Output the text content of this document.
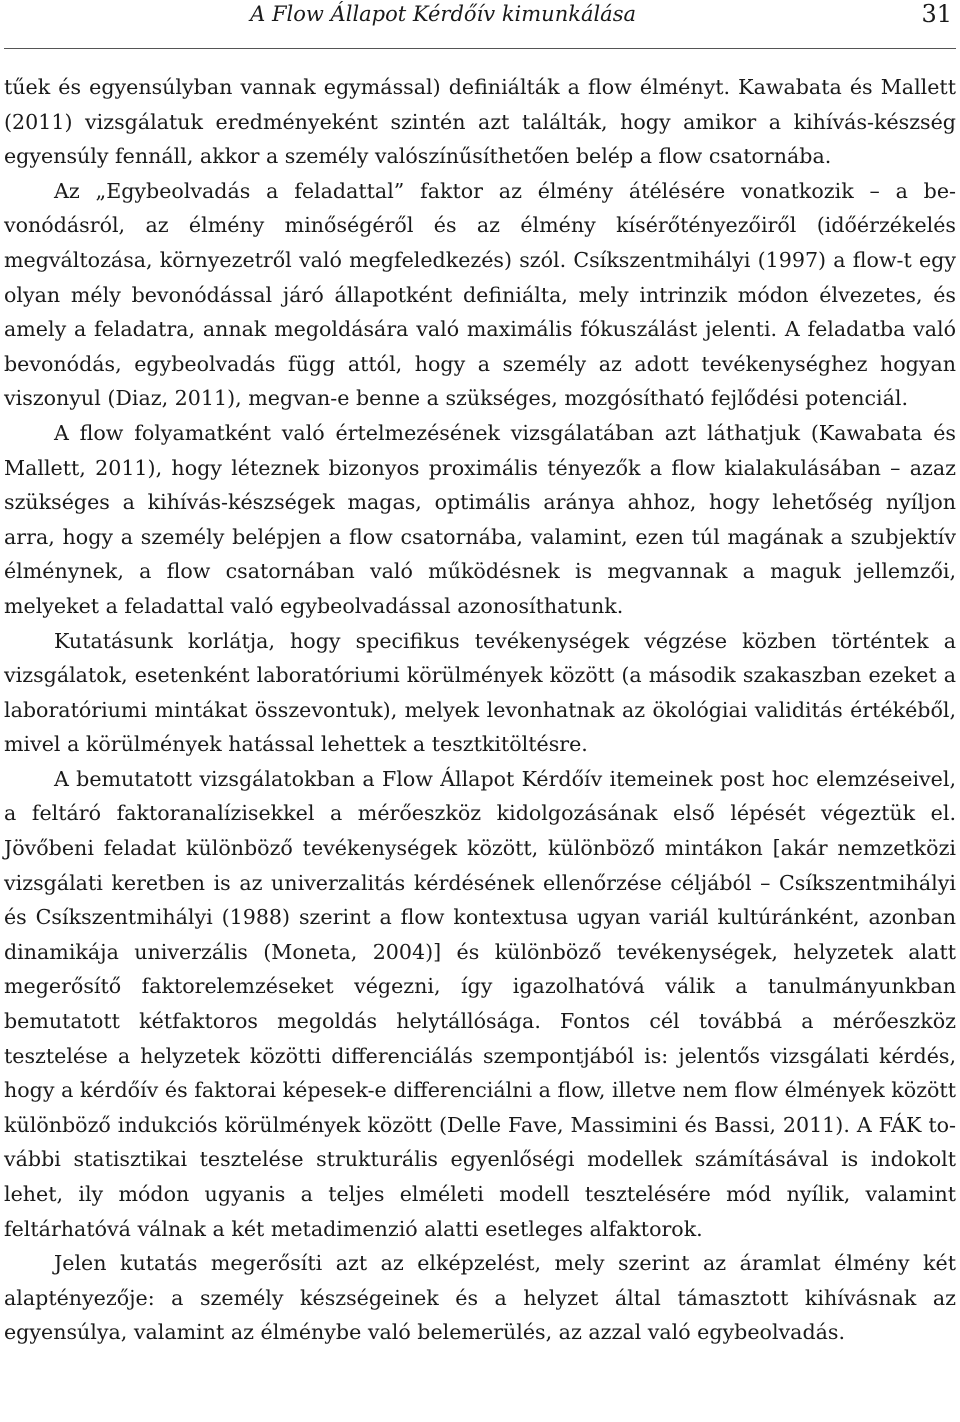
A Flow Állapot Kérdőív kimunkálása	31

tűek és egyensúlyban vannak egymással) definiálták a flow élményt. Kawabata és Mallett (2011) vizsgálatuk eredményeként szintén azt találták, hogy amikor a kihívás-készség egyensúly fennáll, akkor a személy valószínűsíthetően belép a flow csatornába.

Az „Egybeolvadás a feladattal” faktor az élmény átélésére vonatkozik – a bevonódásról, az élmény minőségéről és az élmény kísérőtényezőiről (időérzékelés megváltozása, környezetről való megfeledkezés) szól. Csíkszentmihályi (1997) a flow-t egy olyan mély bevonódással járó állapotként definiálta, mely intrinzik módon élvezetes, és amely a feladatra, annak megoldására való maximális fókuszálást jelenti. A feladatba való bevonódás, egybeolvadás függ attól, hogy a személy az adott tevékenységhez hogyan viszonyul (Diaz, 2011), megvan-e benne a szükséges, mozgósítható fejlődési potenciál.

A flow folyamatként való értelmezésének vizsgálatában azt láthatjuk (Kawabata és Mallett, 2011), hogy léteznek bizonyos proximális tényezők a flow kialakulásában – azaz szükséges a kihívás-készségek magas, optimális aránya ahhoz, hogy lehetőség nyíljon arra, hogy a személy belépjen a flow csatornába, valamint, ezen túl magának a szubjektív élménynek, a flow csatornában való működésnek is megvannak a maguk jellemzői, melyeket a feladattal való egybeolvadással azonosíthatunk.

Kutatásunk korlátja, hogy specifikus tevékenységek végzése közben történtek a vizsgálatok, esetenként laboratóriumi körülmények között (a második szakaszban ezeket a laboratóriumi mintákat összevontuk), melyek levonhatnak az ökológiai validitás értékéből, mivel a körülmények hatással lehettek a tesztkitöltésre.

A bemutatott vizsgálatokban a Flow Állapot Kérdőív itemeinek post hoc elemzéseivel, a feltáró faktoranalízisekkel a mérőeszköz kidolgozásának első lépését végeztük el. Jövőbeni feladat különböző tevékenységek között, különböző mintákon [akár nemzetközi vizsgálati keretben is az univerzalitás kérdésének ellenőrzése céljából – Csíkszentmihályi és Csíkszentmihályi (1988) szerint a flow kontextusa ugyan variál kultúránként, azonban dinamikája univerzális (Moneta, 2004)] és különböző tevékenységek, helyzetek alatt megerősítő faktorelemzéseket végezni, így igazolhatóvá válik a tanulmányunkban bemutatott kétfaktoros megoldás helytállósága. Fontos cél továbbá a mérőeszköz tesztelése a helyzetek közötti differenciálás szempontjából is: jelentős vizsgálati kérdés, hogy a kérdőív és faktorai képesek-e differenciálni a flow, illetve nem flow élmények között különböző indukciós körülmények között (Delle Fave, Massimini és Bassi, 2011). A FÁK további statisztikai tesztelése strukturális egyenlőségi modellek számításával is indokolt lehet, ily módon ugyanis a teljes elméleti modell tesztelésére mód nyílik, valamint feltárhatóvá válnak a két metadimenzió alatti esetleges alfaktorok.

Jelen kutatás megerősíti azt az elképzelést, mely szerint az áramlat élmény két alaptényezője: a személy készségeinek és a helyzet által támasztott kihívásnak az egyensúlya, valamint az élménybe való belemerülés, az azzal való egybeolvadás.
